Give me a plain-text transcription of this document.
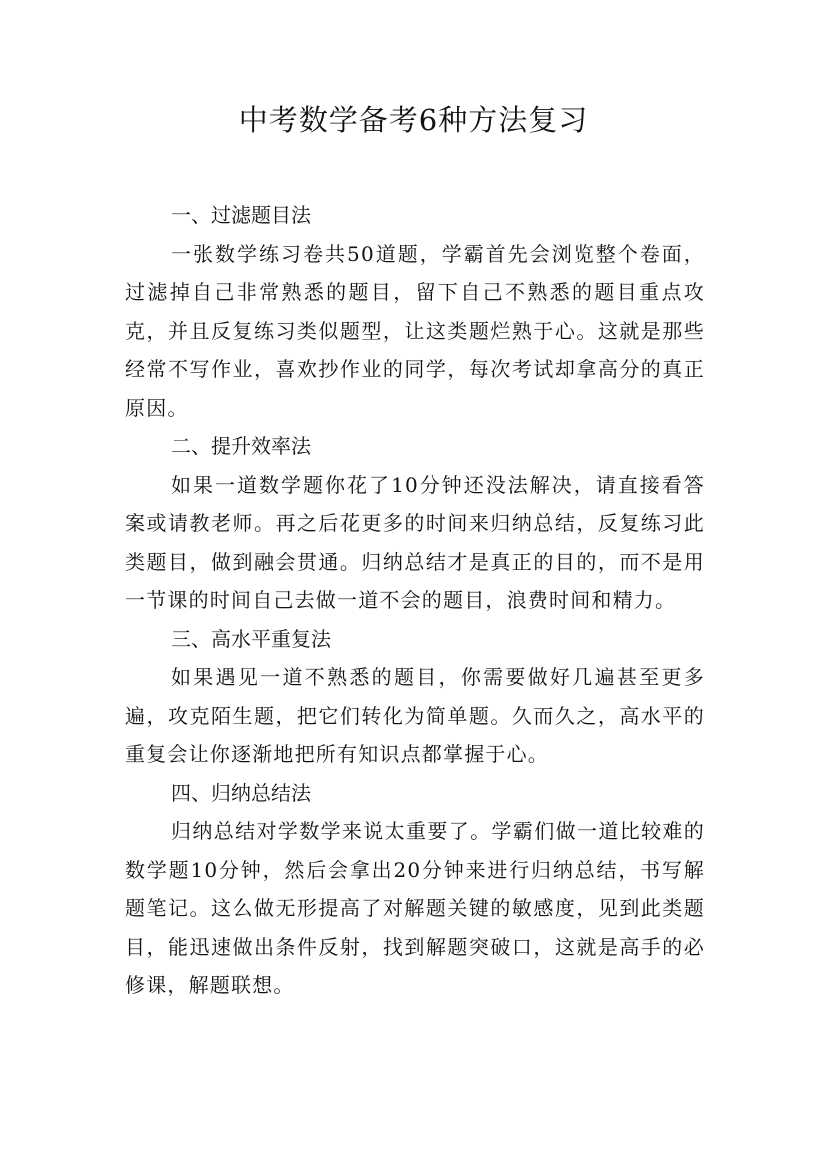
中考数学备考6种方法复习

一、过滤题目法

一张数学练习卷共50道题，学霸首先会浏览整个卷面，过滤掉自己非常熟悉的题目，留下自己不熟悉的题目重点攻克，并且反复练习类似题型，让这类题烂熟于心。这就是那些经常不写作业，喜欢抄作业的同学，每次考试却拿高分的真正原因。

二、提升效率法

如果一道数学题你花了10分钟还没法解决，请直接看答案或请教老师。再之后花更多的时间来归纳总结，反复练习此类题目，做到融会贯通。归纳总结才是真正的目的，而不是用一节课的时间自己去做一道不会的题目，浪费时间和精力。

三、高水平重复法

如果遇见一道不熟悉的题目，你需要做好几遍甚至更多遍，攻克陌生题，把它们转化为简单题。久而久之，高水平的重复会让你逐渐地把所有知识点都掌握于心。

四、归纳总结法

归纳总结对学数学来说太重要了。学霸们做一道比较难的数学题10分钟，然后会拿出20分钟来进行归纳总结，书写解题笔记。这么做无形提高了对解题关键的敏感度，见到此类题目，能迅速做出条件反射，找到解题突破口，这就是高手的必修课，解题联想。
